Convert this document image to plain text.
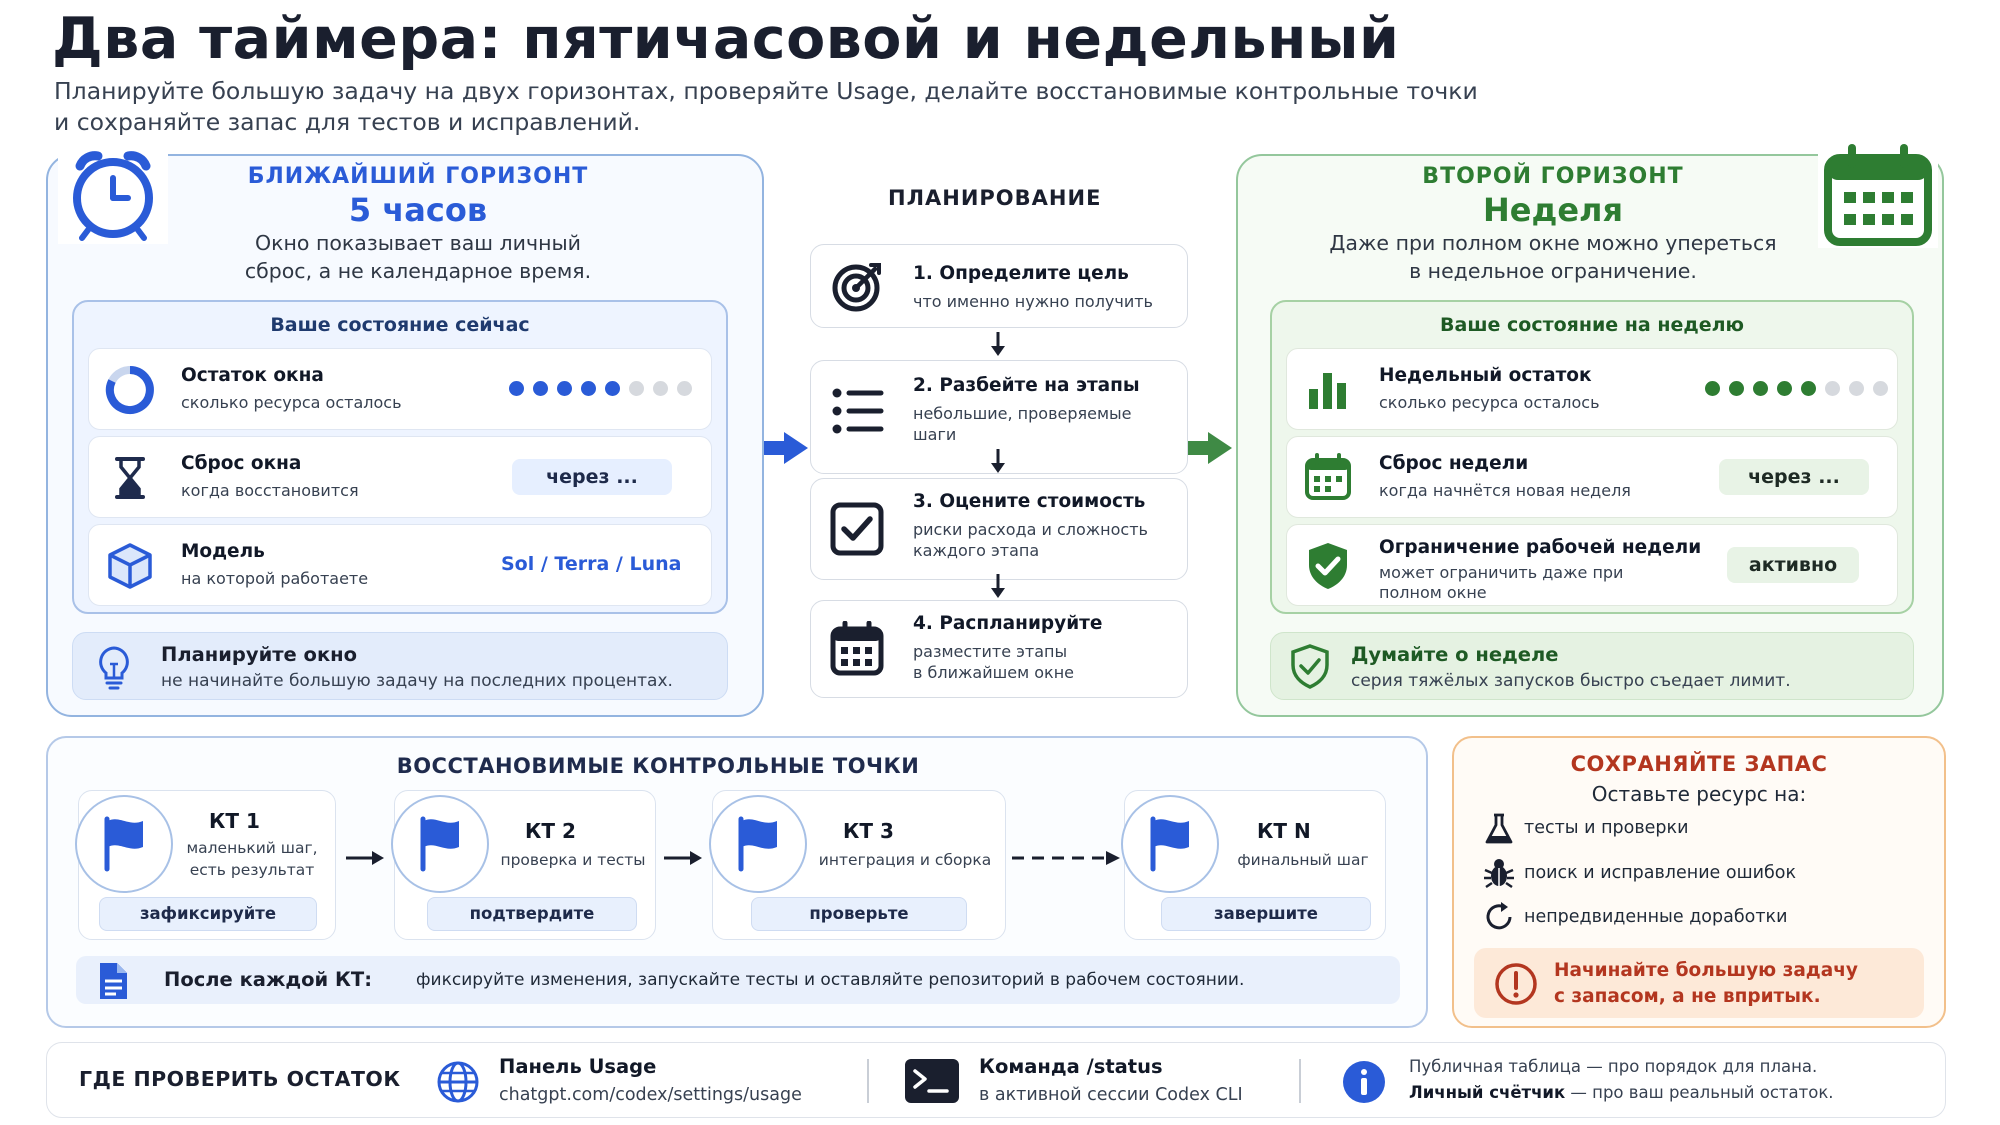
Два таймера: пятичасовой и недельный
Планируйте большую задачу на двух горизонтах, проверяйте Usage, делайте восстановимые контрольные точки
и сохраняйте запас для тестов и исправлений.
БЛИЖАЙШИЙ ГОРИЗОНТ
5 часов
Окно показывает ваш личный
сброс, а не календарное время.
Ваше состояние сейчас
Остаток окна
сколько ресурса осталось
Сброс окна
когда восстановится
через ...
Модель
на которой работаете
Sol / Terra / Luna
Планируйте окно
не начинайте большую задачу на последних процентах.
ПЛАНИРОВАНИЕ
1. Определите цель
что именно нужно получить
2. Разбейте на этапы
небольшие, проверяемые
шаги
3. Оцените стоимость
риски расхода и сложность
каждого этапа
4. Распланируйте
разместите этапы
в ближайшем окне
ВТОРОЙ ГОРИЗОНТ
Неделя
Даже при полном окне можно упереться
в недельное ограничение.
Ваше состояние на неделю
Недельный остаток
сколько ресурса осталось
Сброс недели
когда начнётся новая неделя
через ...
Ограничение рабочей недели
может ограничить даже при
полном окне
активно
Думайте о неделе
серия тяжёлых запусков быстро съедает лимит.
ВОССТАНОВИМЫЕ КОНТРОЛЬНЫЕ ТОЧКИ
КТ 1
маленький шаг,
есть результат
зафиксируйте
КТ 2
проверка и тесты
подтвердите
КТ 3
интеграция и сборка
проверьте
КТ N
финальный шаг
завершите
После каждой КТ:	фиксируйте изменения, запускайте тесты и оставляйте репозиторий в рабочем состоянии.
СОХРАНЯЙТЕ ЗАПАС
Оставьте ресурс на:
тесты и проверки
поиск и исправление ошибок
непредвиденные доработки
Начинайте большую задачу
с запасом, а не впритык.
ГДЕ ПРОВЕРИТЬ ОСТАТОК
Панель Usage
chatgpt.com/codex/settings/usage
Команда /status
в активной сессии Codex CLI
Публичная таблица — про порядок для плана.
Личный счётчик — про ваш реальный остаток.
